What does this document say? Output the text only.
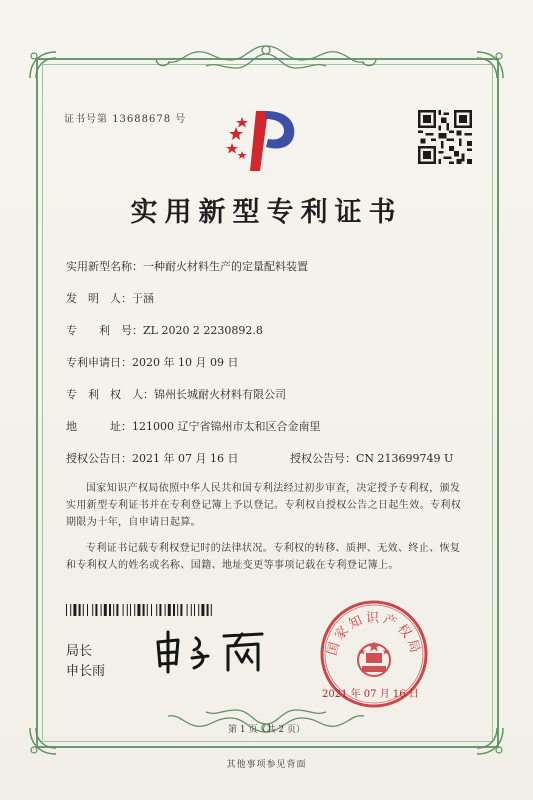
证书号第 13688678 号
实用新型专利证书
实用新型名称：一种耐火材料生产的定量配料装置
发　明　人：于涵
专　　利　号：ZL 2020 2 2230892.8
专利申请日：2020 年 10 月 09 日
专　利　权　人：锦州长城耐火材料有限公司
地　　　址：121000 辽宁省锦州市太和区合金南里
授权公告日：2021 年 07 月 16 日	授权公告号：CN 213699749 U
国家知识产权局依照中华人民共和国专利法经过初步审查，决定授予专利权，颁发实用新型专利证书并在专利登记簿上予以登记。专利权自授权公告之日起生效。专利权期限为十年，自申请日起算。
专利证书记载专利权登记时的法律状况。专利权的转移、质押、无效、终止、恢复和专利权人的姓名或名称、国籍、地址变更等事项记载在专利登记簿上。
局长
申长雨
国家知识产权局
2021 年 07 月 16 日
第 1 页（共 2 页）
其他事项参见背面
